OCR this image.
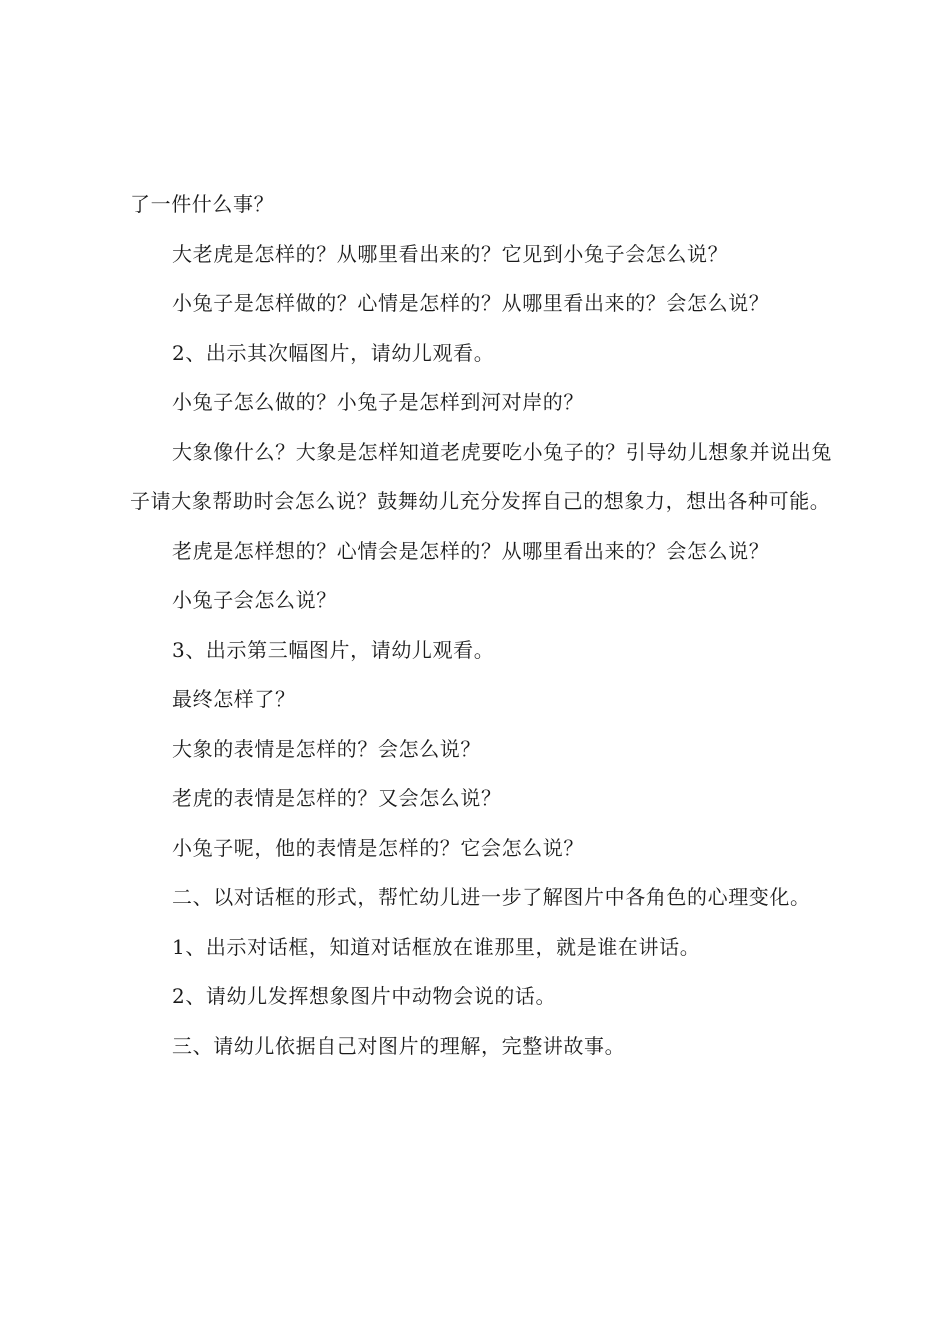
了一件什么事？

大老虎是怎样的？从哪里看出来的？它见到小兔子会怎么说？

小兔子是怎样做的？心情是怎样的？从哪里看出来的？会怎么说？

2、出示其次幅图片，请幼儿观看。

小兔子怎么做的？小兔子是怎样到河对岸的？

大象像什么？大象是怎样知道老虎要吃小兔子的？引导幼儿想象并说出兔子请大象帮助时会怎么说？鼓舞幼儿充分发挥自己的想象力，想出各种可能。

老虎是怎样想的？心情会是怎样的？从哪里看出来的？会怎么说？

小兔子会怎么说？

3、出示第三幅图片，请幼儿观看。

最终怎样了？

大象的表情是怎样的？会怎么说？

老虎的表情是怎样的？又会怎么说？

小兔子呢，他的表情是怎样的？它会怎么说？

二、以对话框的形式，帮忙幼儿进一步了解图片中各角色的心理变化。

1、出示对话框，知道对话框放在谁那里，就是谁在讲话。

2、请幼儿发挥想象图片中动物会说的话。

三、请幼儿依据自己对图片的理解，完整讲故事。
